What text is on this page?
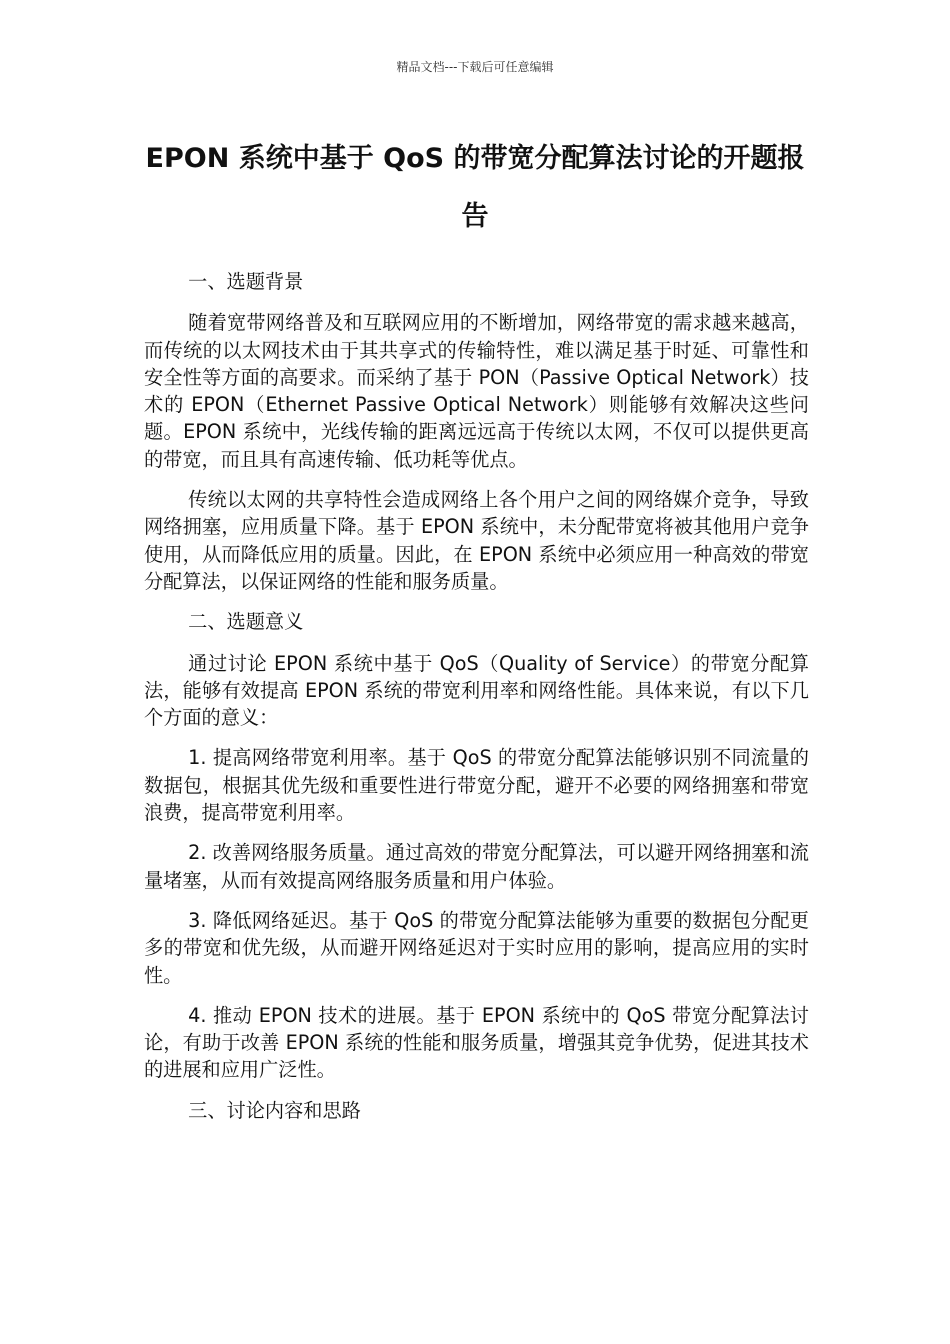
精品文档---下载后可任意编辑
EPON 系统中基于 QoS 的带宽分配算法讨论的开题报告

一、选题背景

随着宽带网络普及和互联网应用的不断增加，网络带宽的需求越来越高，而传统的以太网技术由于其共享式的传输特性，难以满足基于时延、可靠性和安全性等方面的高要求。而采纳了基于 PON（Passive Optical Network）技术的 EPON（Ethernet Passive Optical Network）则能够有效解决这些问题。EPON 系统中，光线传输的距离远远高于传统以太网，不仅可以提供更高的带宽，而且具有高速传输、低功耗等优点。

传统以太网的共享特性会造成网络上各个用户之间的网络媒介竞争，导致网络拥塞，应用质量下降。基于 EPON 系统中，未分配带宽将被其他用户竞争使用，从而降低应用的质量。因此，在 EPON 系统中必须应用一种高效的带宽分配算法，以保证网络的性能和服务质量。

二、选题意义

通过讨论 EPON 系统中基于 QoS（Quality of Service）的带宽分配算法，能够有效提高 EPON 系统的带宽利用率和网络性能。具体来说，有以下几个方面的意义：

1. 提高网络带宽利用率。基于 QoS 的带宽分配算法能够识别不同流量的数据包，根据其优先级和重要性进行带宽分配，避开不必要的网络拥塞和带宽浪费，提高带宽利用率。

2. 改善网络服务质量。通过高效的带宽分配算法，可以避开网络拥塞和流量堵塞，从而有效提高网络服务质量和用户体验。

3. 降低网络延迟。基于 QoS 的带宽分配算法能够为重要的数据包分配更多的带宽和优先级，从而避开网络延迟对于实时应用的影响，提高应用的实时性。

4. 推动 EPON 技术的进展。基于 EPON 系统中的 QoS 带宽分配算法讨论，有助于改善 EPON 系统的性能和服务质量，增强其竞争优势，促进其技术的进展和应用广泛性。

三、讨论内容和思路
